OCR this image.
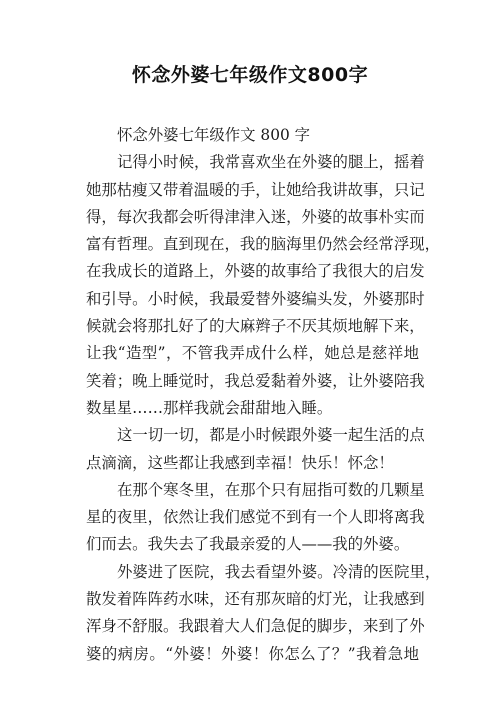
怀念外婆七年级作文800字
怀念外婆七年级作文 800 字
记得小时候，我常喜欢坐在外婆的腿上，摇着
她那枯瘦又带着温暖的手，让她给我讲故事，只记
得，每次我都会听得津津入迷，外婆的故事朴实而
富有哲理。直到现在，我的脑海里仍然会经常浮现，
在我成长的道路上，外婆的故事给了我很大的启发
和引导。小时候，我最爱替外婆编头发，外婆那时
候就会将那扎好了的大麻辫子不厌其烦地解下来，
让我“造型”，不管我弄成什么样，她总是慈祥地
笑着；晚上睡觉时，我总爱黏着外婆，让外婆陪我
数星星……那样我就会甜甜地入睡。
这一切一切，都是小时候跟外婆一起生活的点
点滴滴，这些都让我感到幸福！快乐！怀念！
在那个寒冬里，在那个只有屈指可数的几颗星
星的夜里，依然让我们感觉不到有一个人即将离我
们而去。我失去了我最亲爱的人——我的外婆。
外婆进了医院，我去看望外婆。冷清的医院里，
散发着阵阵药水味，还有那灰暗的灯光，让我感到
浑身不舒服。我跟着大人们急促的脚步，来到了外
婆的病房。“外婆！外婆！你怎么了？”我着急地
